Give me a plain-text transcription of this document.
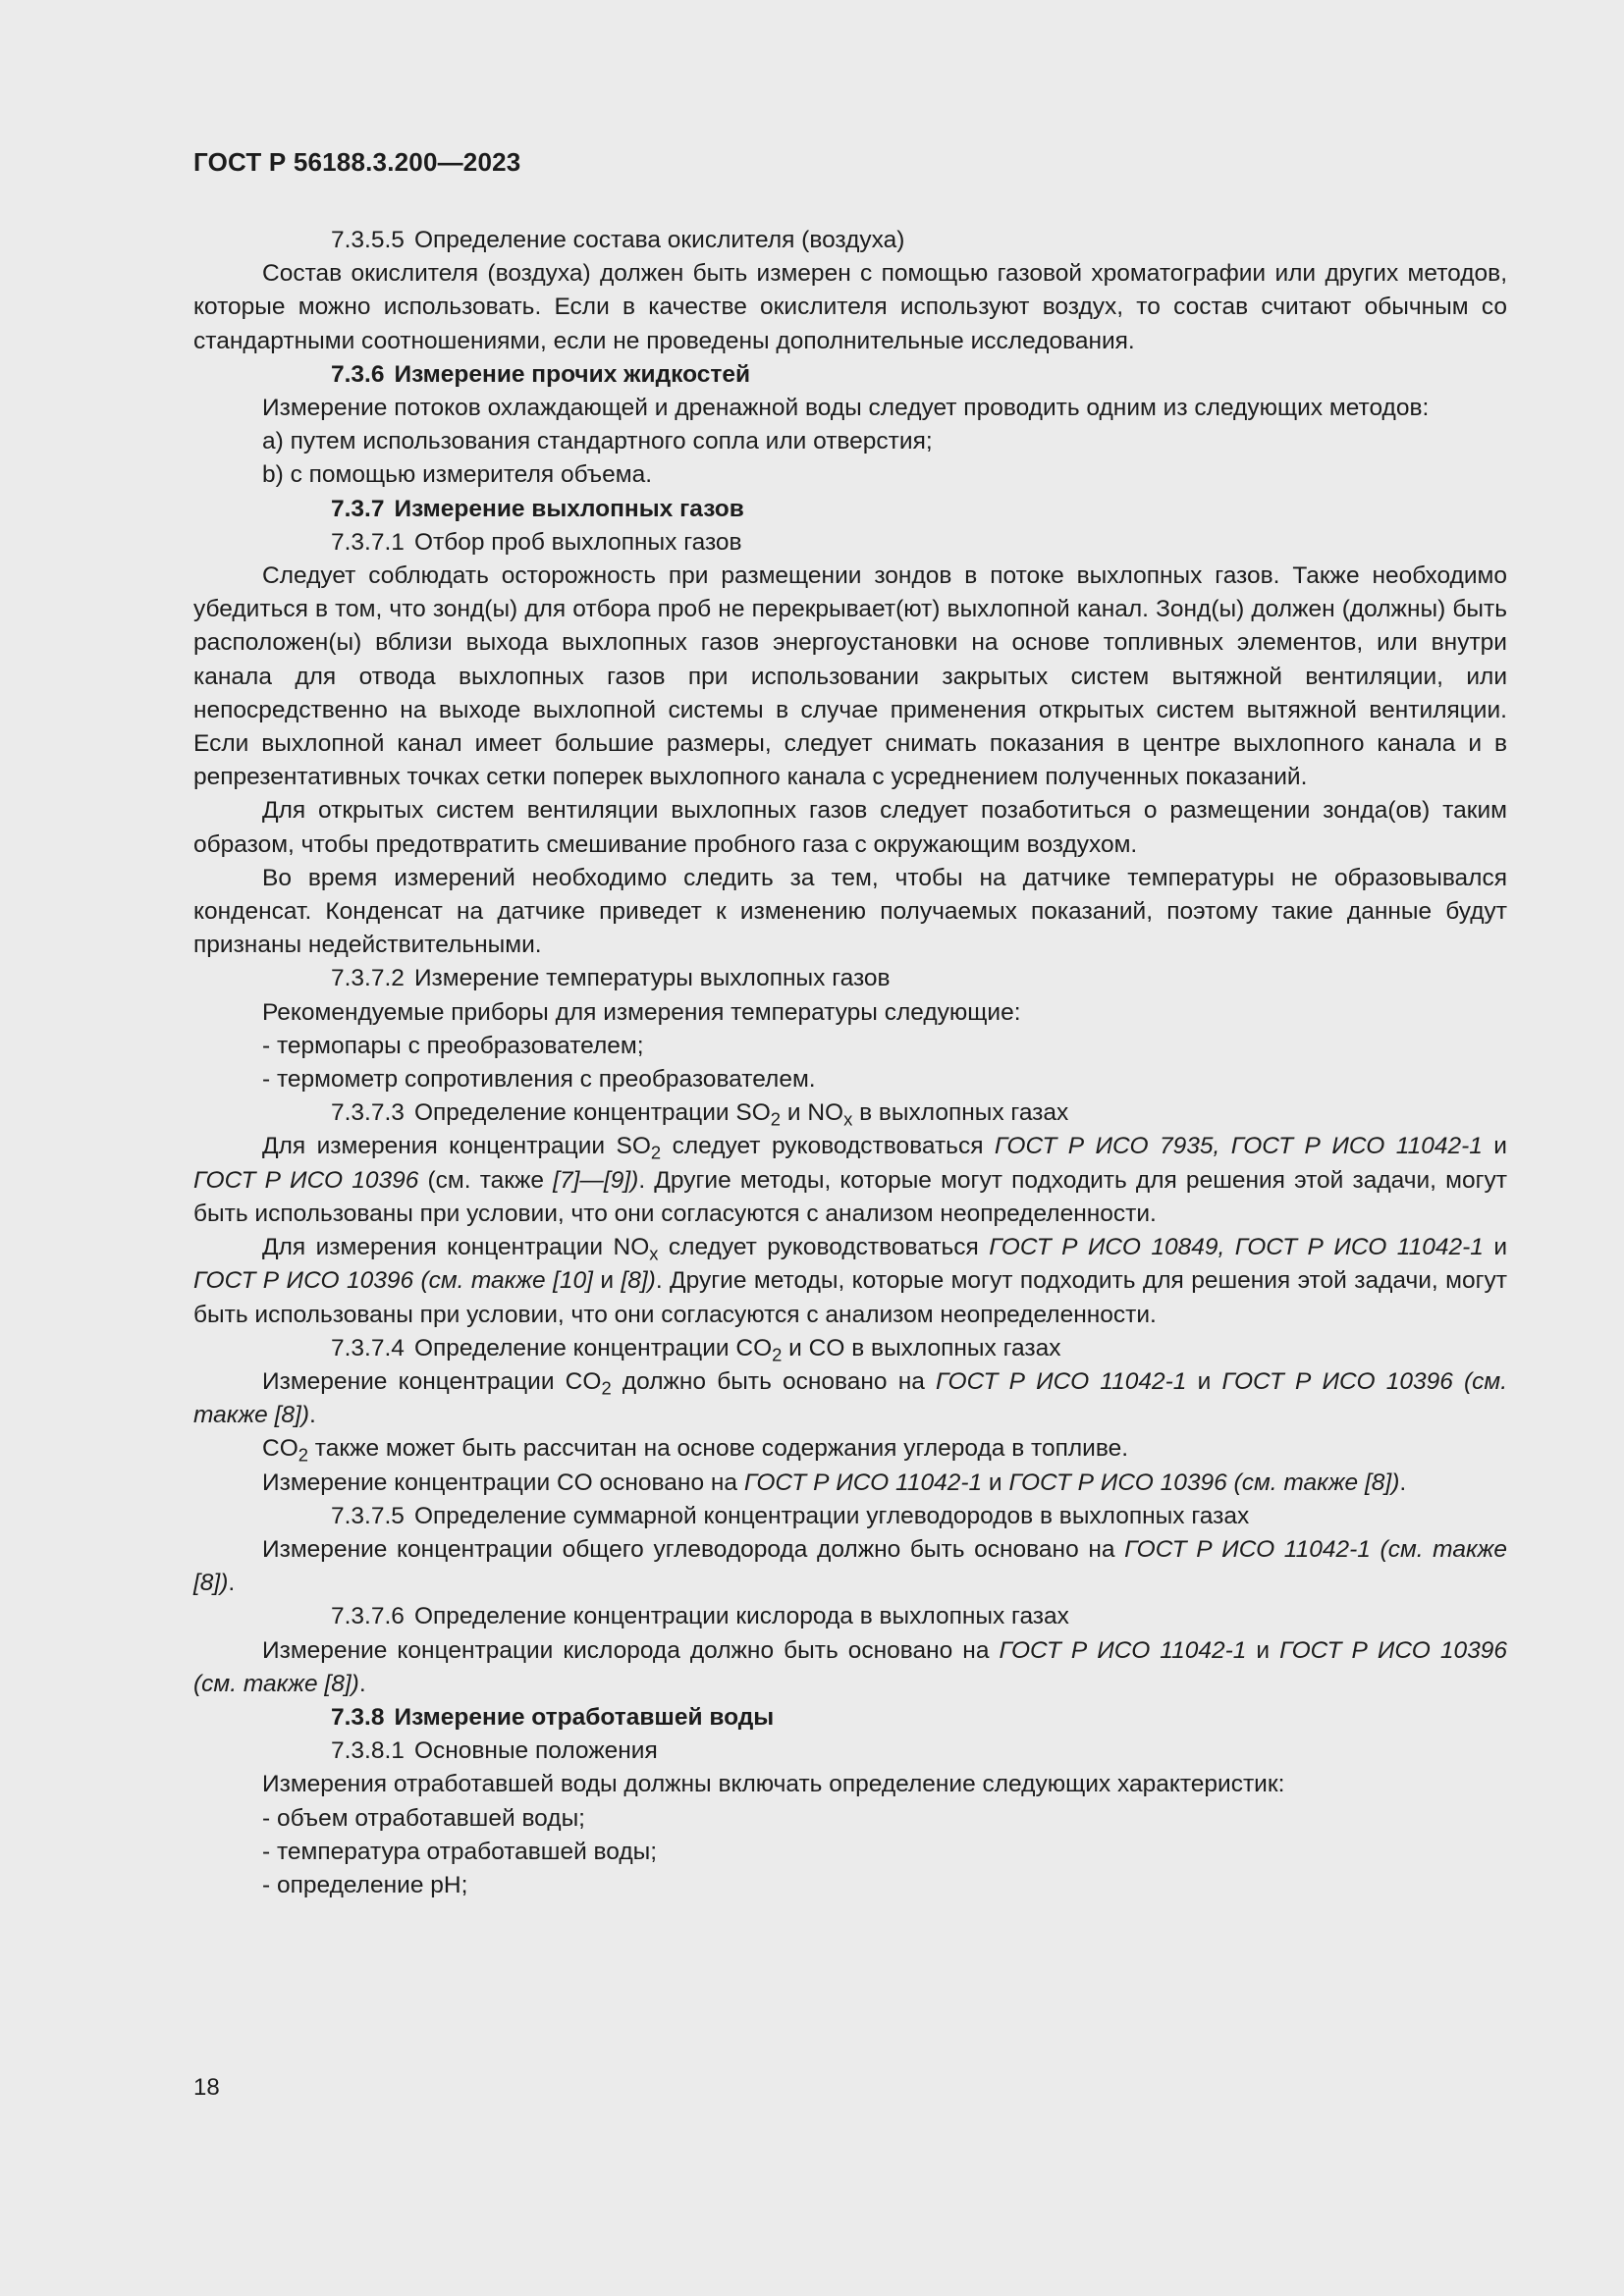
ГОСТ Р 56188.3.200—2023

7.3.5.5 Определение состава окислителя (воздуха)

Состав окислителя (воздуха) должен быть измерен с помощью газовой хроматографии или других методов, которые можно использовать. Если в качестве окислителя используют воздух, то состав считают обычным со стандартными соотношениями, если не проведены дополнительные исследования.

7.3.6 Измерение прочих жидкостей

Измерение потоков охлаждающей и дренажной воды следует проводить одним из следующих методов:

a) путем использования стандартного сопла или отверстия;

b) с помощью измерителя объема.

7.3.7 Измерение выхлопных газов

7.3.7.1 Отбор проб выхлопных газов

Следует соблюдать осторожность при размещении зондов в потоке выхлопных газов. Также необходимо убедиться в том, что зонд(ы) для отбора проб не перекрывает(ют) выхлопной канал. Зонд(ы) должен (должны) быть расположен(ы) вблизи выхода выхлопных газов энергоустановки на основе топливных элементов, или внутри канала для отвода выхлопных газов при использовании закрытых систем вытяжной вентиляции, или непосредственно на выходе выхлопной системы в случае применения открытых систем вытяжной вентиляции. Если выхлопной канал имеет большие размеры, следует снимать показания в центре выхлопного канала и в репрезентативных точках сетки поперек выхлопного канала с усреднением полученных показаний.

Для открытых систем вентиляции выхлопных газов следует позаботиться о размещении зонда(ов) таким образом, чтобы предотвратить смешивание пробного газа с окружающим воздухом.

Во время измерений необходимо следить за тем, чтобы на датчике температуры не образовывался конденсат. Конденсат на датчике приведет к изменению получаемых показаний, поэтому такие данные будут признаны недействительными.

7.3.7.2 Измерение температуры выхлопных газов

Рекомендуемые приборы для измерения температуры следующие:

- термопары с преобразователем;

- термометр сопротивления с преобразователем.

7.3.7.3 Определение концентрации $SO_2$ и $NO_x$ в выхлопных газах

Для измерения концентрации $SO_2$ следует руководствоваться ГОСТ Р ИСО 7935, ГОСТ Р ИСО 11042-1 и ГОСТ Р ИСО 10396 (см. также [7]—[9]). Другие методы, которые могут подходить для решения этой задачи, могут быть использованы при условии, что они согласуются с анализом неопределенности.

Для измерения концентрации $NO_x$ следует руководствоваться ГОСТ Р ИСО 10849, ГОСТ Р ИСО 11042-1 и ГОСТ Р ИСО 10396 (см. также [10] и [8]). Другие методы, которые могут подходить для решения этой задачи, могут быть использованы при условии, что они согласуются с анализом неопределенности.

7.3.7.4 Определение концентрации $CO_2$ и CO в выхлопных газах

Измерение концентрации $CO_2$ должно быть основано на ГОСТ Р ИСО 11042-1 и ГОСТ Р ИСО 10396 (см. также [8]).

$CO_2$ также может быть рассчитан на основе содержания углерода в топливе.

Измерение концентрации CO основано на ГОСТ Р ИСО 11042-1 и ГОСТ Р ИСО 10396 (см. также [8]).

7.3.7.5 Определение суммарной концентрации углеводородов в выхлопных газах

Измерение концентрации общего углеводорода должно быть основано на ГОСТ Р ИСО 11042-1 (см. также [8]).

7.3.7.6 Определение концентрации кислорода в выхлопных газах

Измерение концентрации кислорода должно быть основано на ГОСТ Р ИСО 11042-1 и ГОСТ Р ИСО 10396 (см. также [8]).

7.3.8 Измерение отработавшей воды

7.3.8.1 Основные положения

Измерения отработавшей воды должны включать определение следующих характеристик:

- объем отработавшей воды;

- температура отработавшей воды;

- определение pH;

18
